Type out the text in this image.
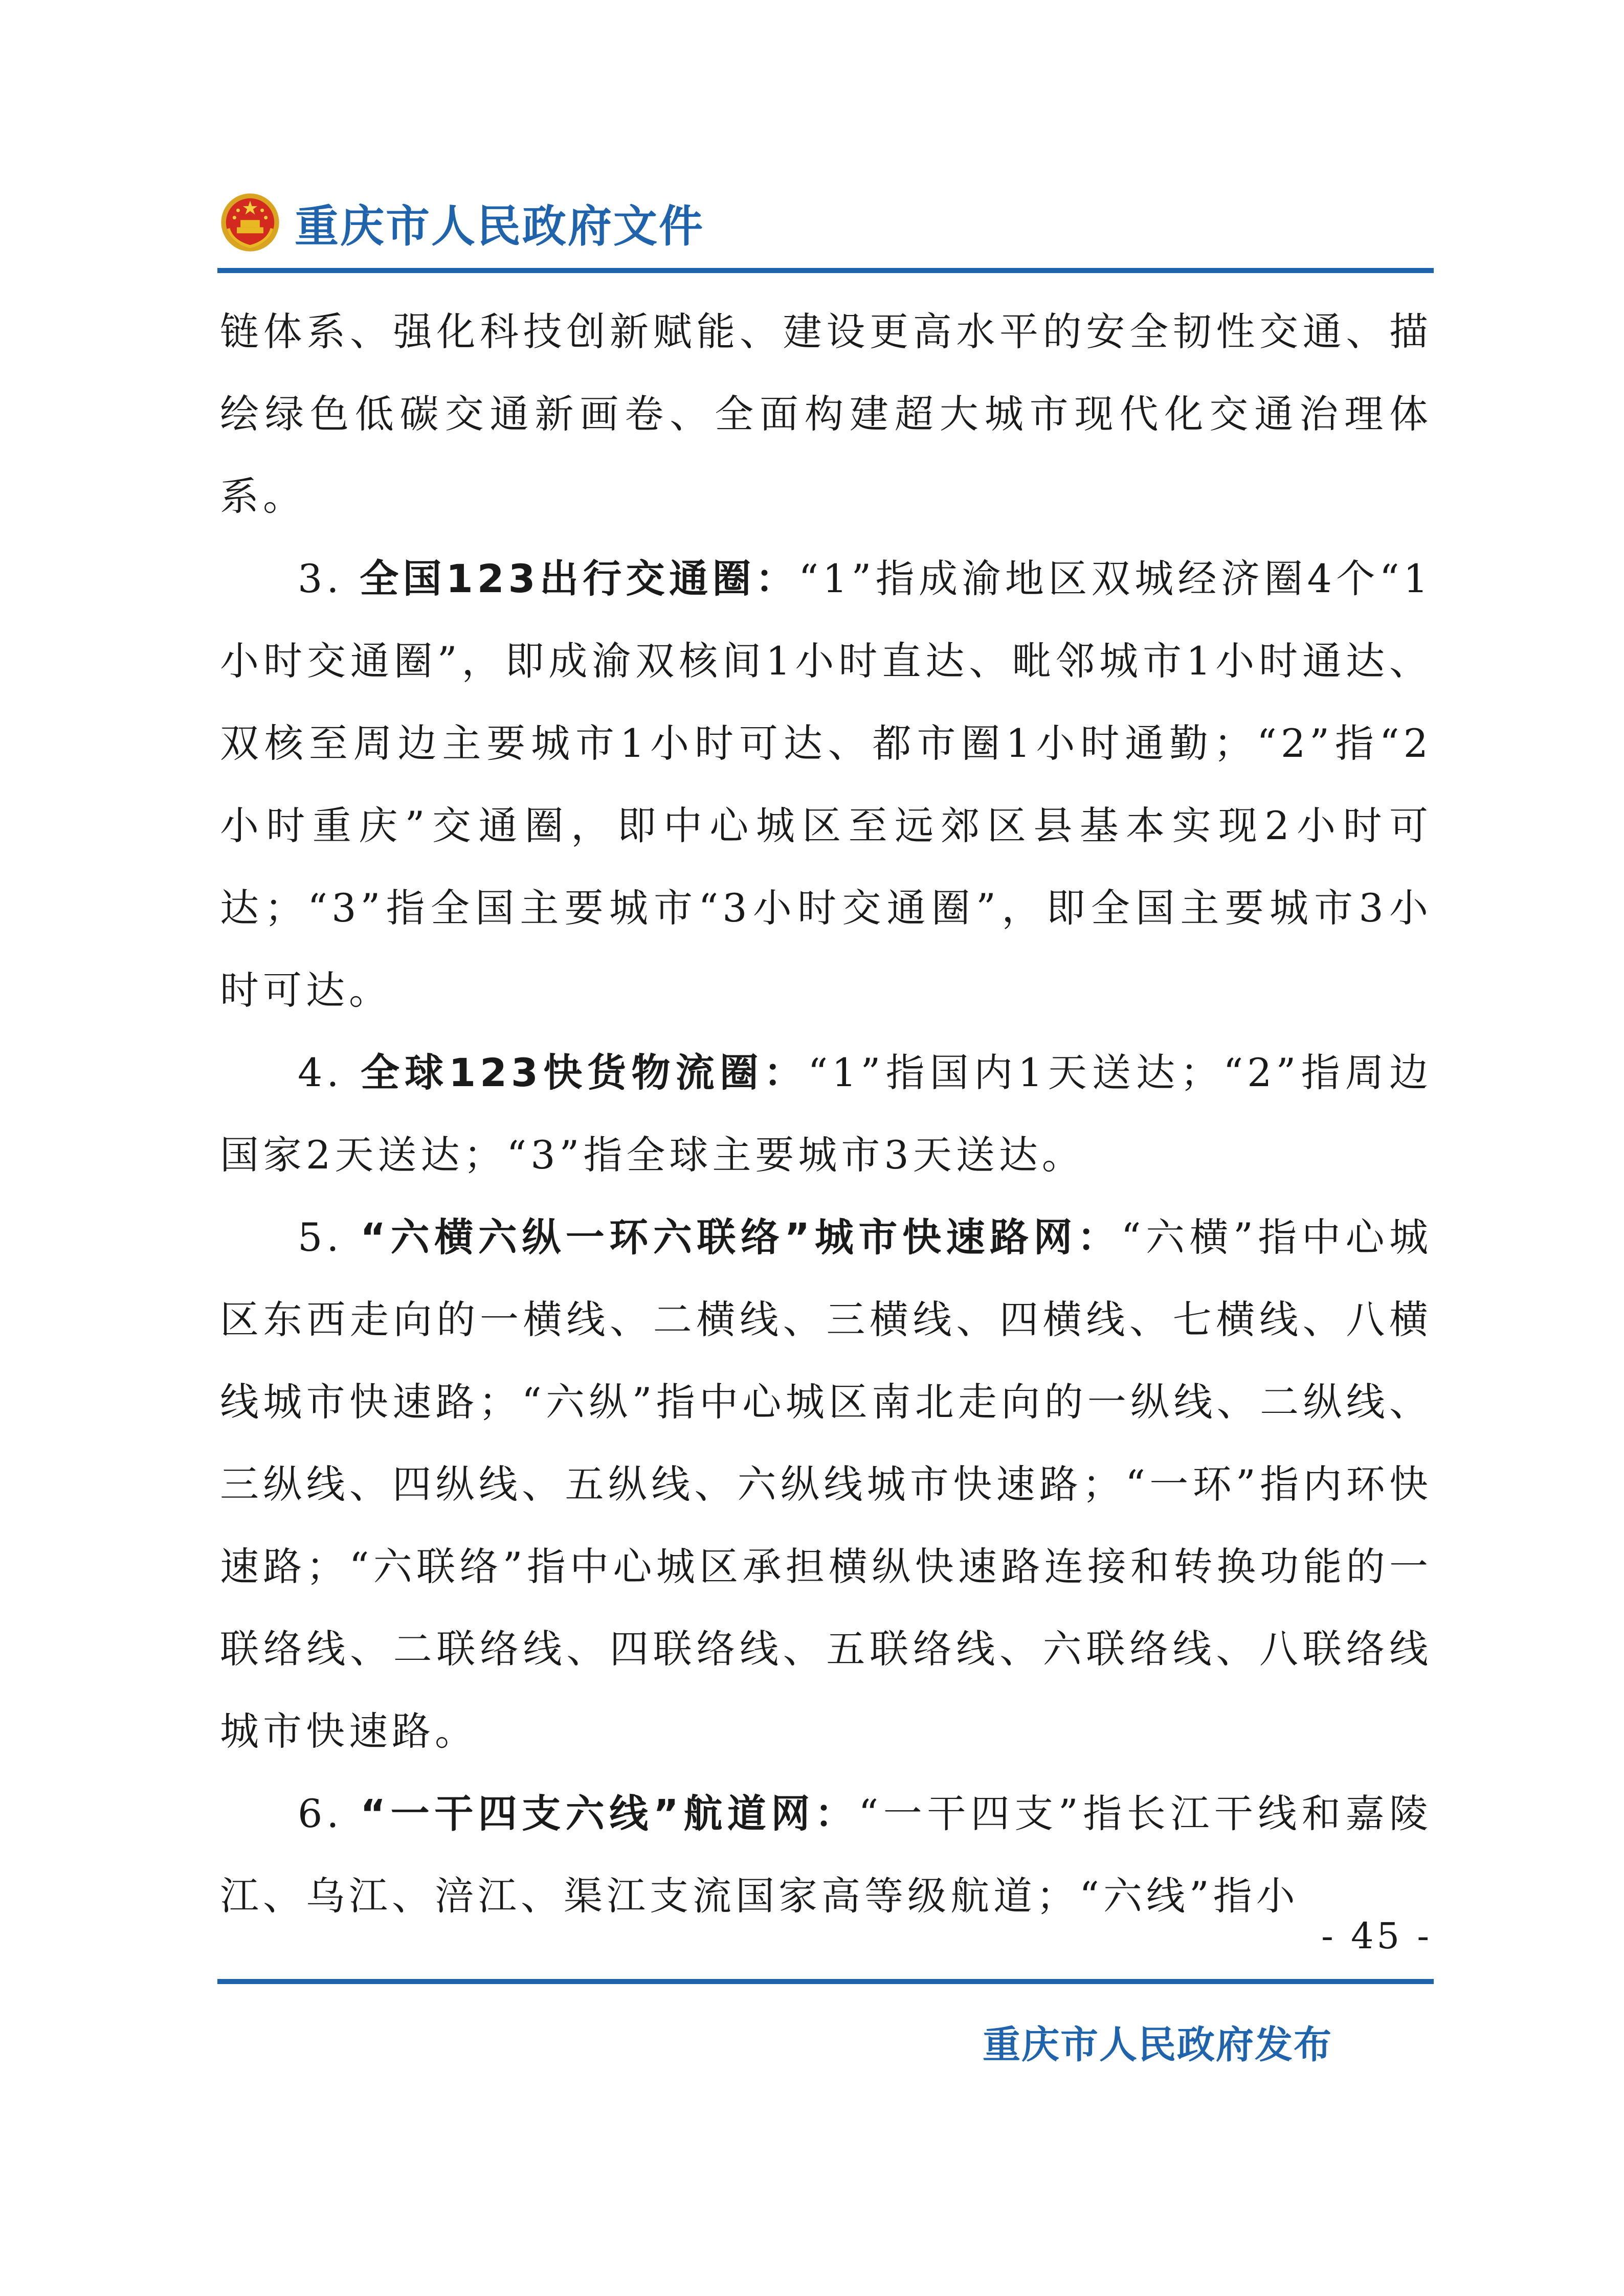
重庆市人民政府文件

链体系、强化科技创新赋能、建设更高水平的安全韧性交通、描绘绿色低碳交通新画卷、全面构建超大城市现代化交通治理体系。

3. 全国123出行交通圈：“1”指成渝地区双城经济圈4个“1小时交通圈”，即成渝双核间1小时直达、毗邻城市1小时通达、双核至周边主要城市1小时可达、都市圈1小时通勤；“2”指“2小时重庆”交通圈，即中心城区至远郊区县基本实现2小时可达；“3”指全国主要城市“3小时交通圈”，即全国主要城市3小时可达。

4. 全球123快货物流圈：“1”指国内1天送达；“2”指周边国家2天送达；“3”指全球主要城市3天送达。

5. “六横六纵一环六联络”城市快速路网：“六横”指中心城区东西走向的一横线、二横线、三横线、四横线、七横线、八横线城市快速路；“六纵”指中心城区南北走向的一纵线、二纵线、三纵线、四纵线、五纵线、六纵线城市快速路；“一环”指内环快速路；“六联络”指中心城区承担横纵快速路连接和转换功能的一联络线、二联络线、四联络线、五联络线、六联络线、八联络线城市快速路。

6. “一干四支六线”航道网：“一干四支”指长江干线和嘉陵江、乌江、涪江、渠江支流国家高等级航道；“六线”指小

- 45 -
重庆市人民政府发布
